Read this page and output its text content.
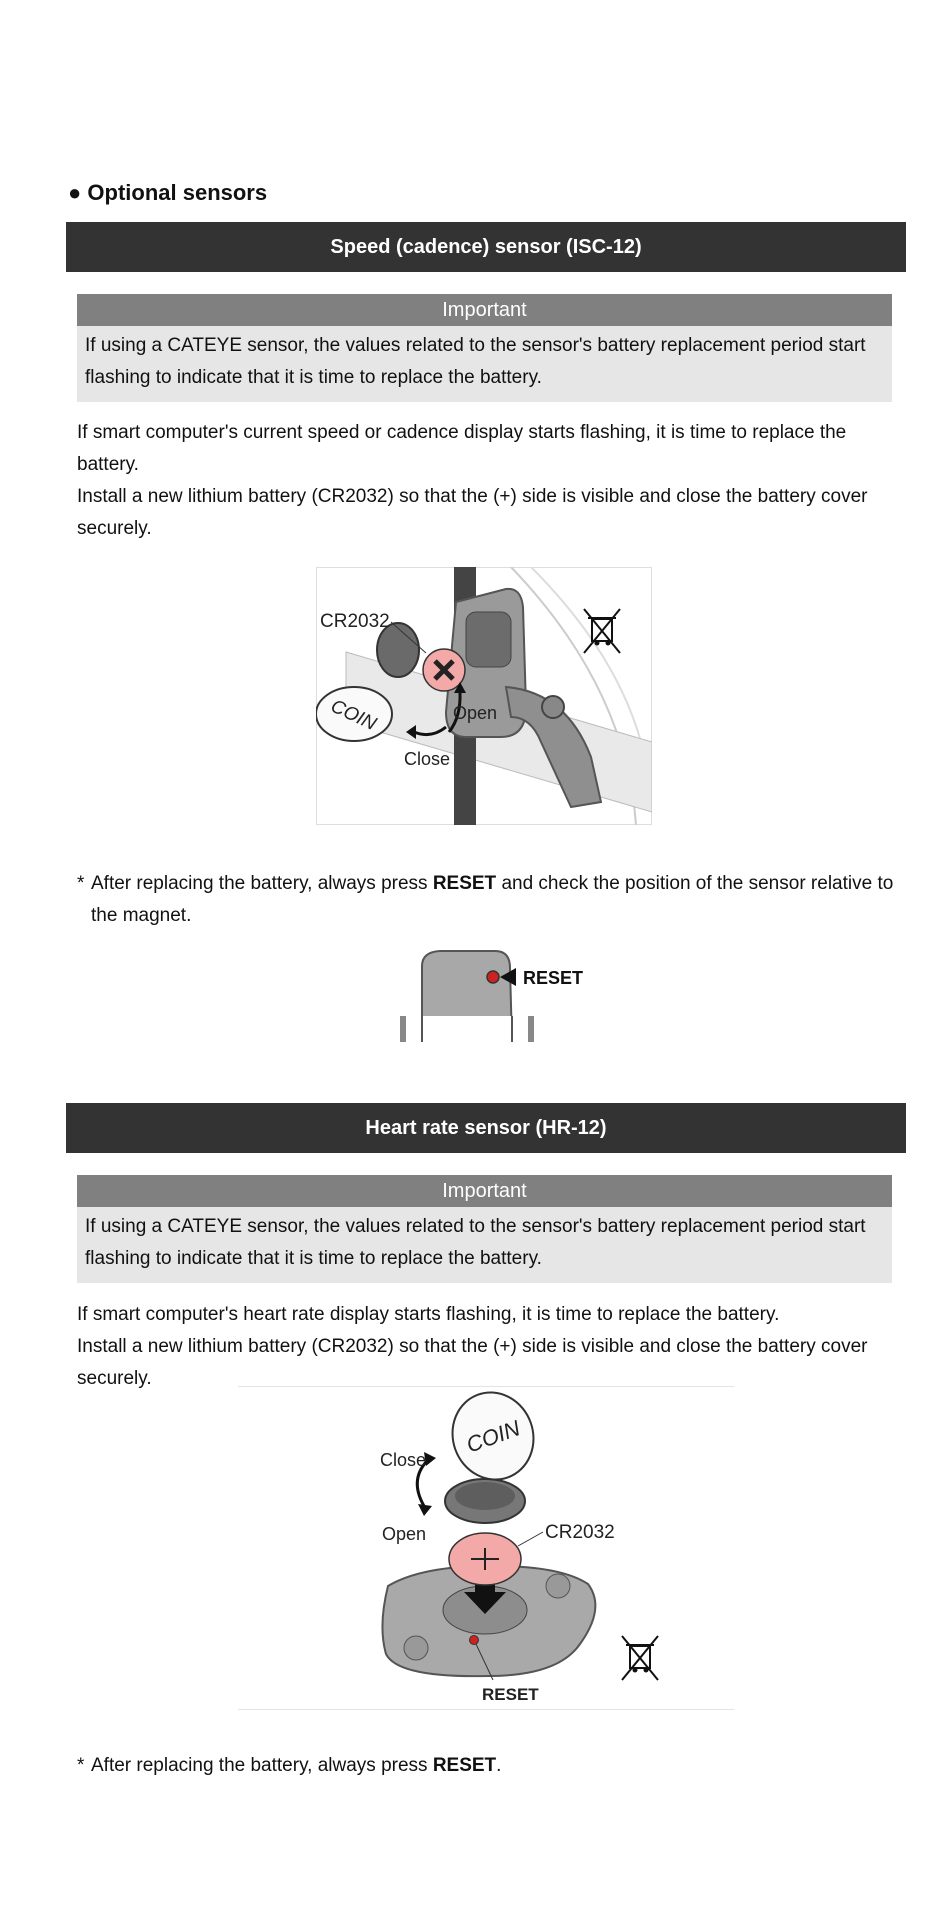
● Optional sensors
Speed (cadence) sensor (ISC-12)
Important
If using a CATEYE sensor, the values related to the sensor's battery replacement period start flashing to indicate that it is time to replace the battery.

If smart computer's current speed or cadence display starts flashing, it is time to replace the battery.

Install a new lithium battery (CR2032) so that the (+) side is visible and close the battery cover securely.

COIN
CR2032
Open
Close
* After replacing the battery, always press RESET and check the position of the sensor relative to the magnet.
RESET
Heart rate sensor (HR-12)
Important
If using a CATEYE sensor, the values related to the sensor's battery replacement period start flashing to indicate that it is time to replace the battery.

If smart computer's heart rate display starts flashing, it is time to replace the battery.

Install a new lithium battery (CR2032) so that the (+) side is visible and close the battery cover securely.

COIN
Close
Open	CR2032
RESET
* After replacing the battery, always press RESET.
